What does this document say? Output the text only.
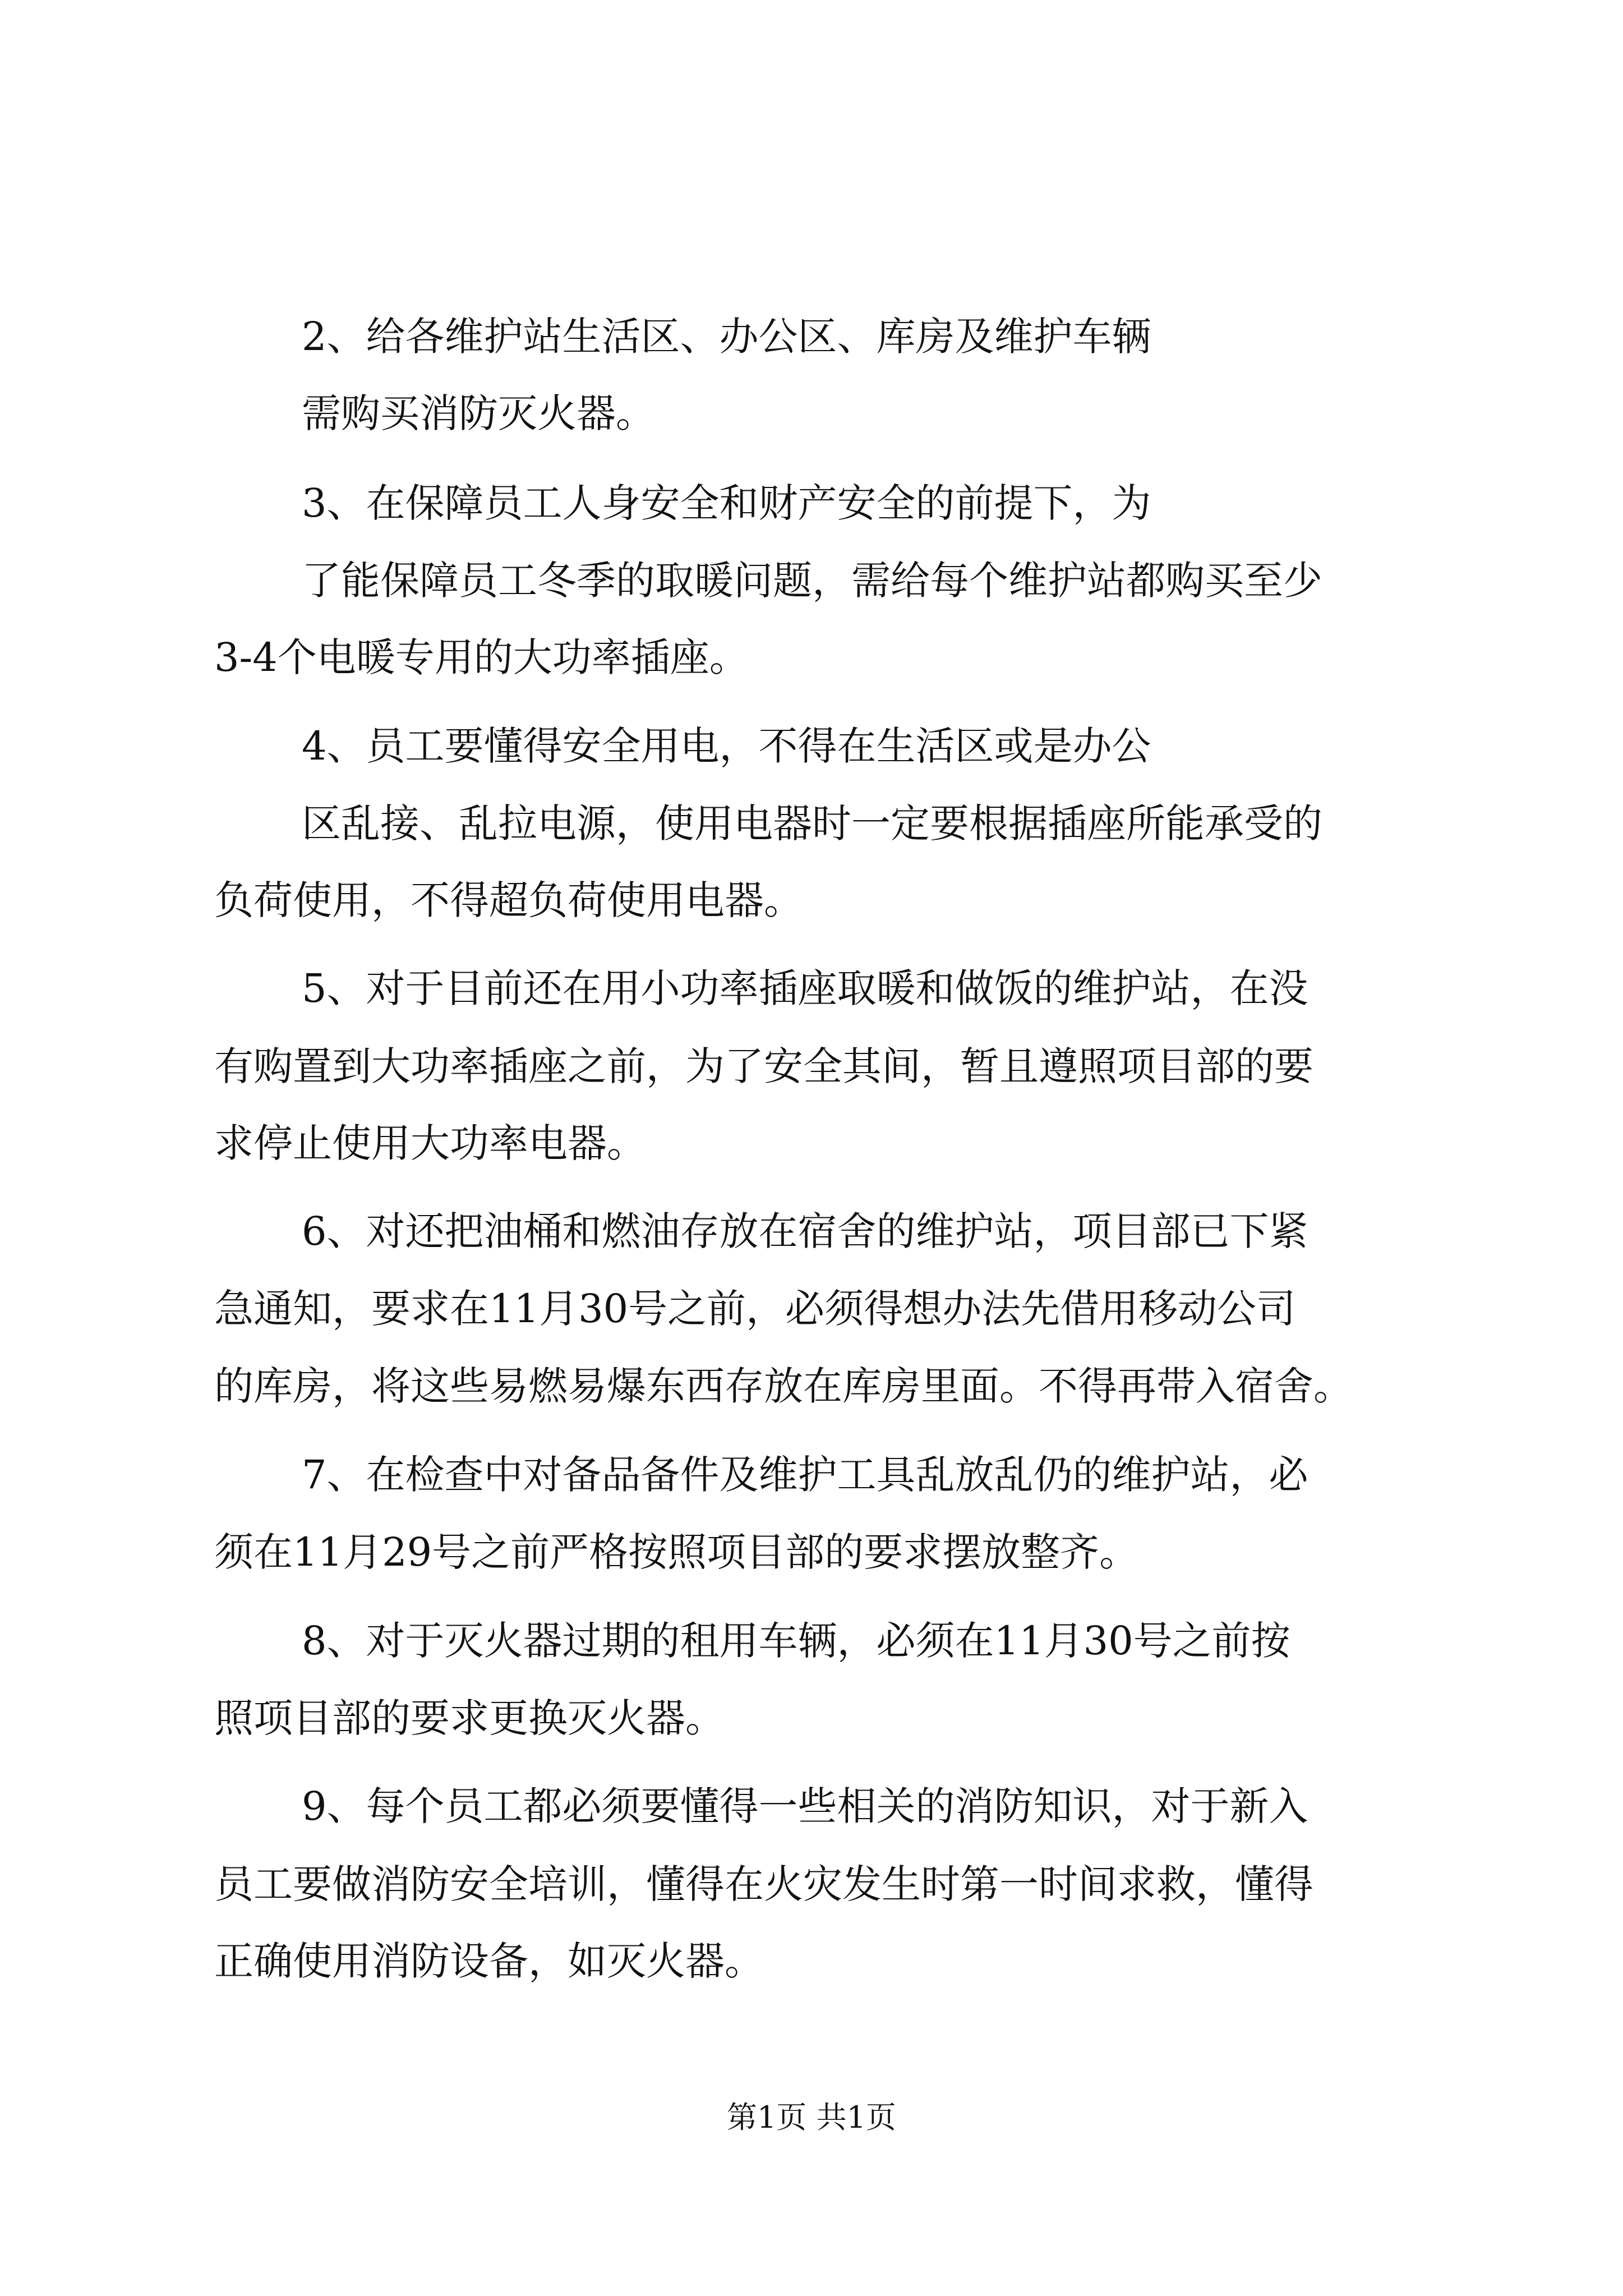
2、给各维护站生活区、办公区、库房及维护车辆
需购买消防灭火器。
3、在保障员工人身安全和财产安全的前提下，为
了能保障员工冬季的取暖问题，需给每个维护站都购买至少
3-4个电暖专用的大功率插座。
4、员工要懂得安全用电，不得在生活区或是办公
区乱接、乱拉电源，使用电器时一定要根据插座所能承受的
负荷使用，不得超负荷使用电器。
5、对于目前还在用小功率插座取暖和做饭的维护站，在没
有购置到大功率插座之前，为了安全其间，暂且遵照项目部的要
求停止使用大功率电器。
6、对还把油桶和燃油存放在宿舍的维护站，项目部已下紧
急通知，要求在11月30号之前，必须得想办法先借用移动公司
的库房，将这些易燃易爆东西存放在库房里面。不得再带入宿舍。
7、在检查中对备品备件及维护工具乱放乱仍的维护站，必
须在11月29号之前严格按照项目部的要求摆放整齐。
8、对于灭火器过期的租用车辆，必须在11月30号之前按
照项目部的要求更换灭火器。
9、每个员工都必须要懂得一些相关的消防知识，对于新入
员工要做消防安全培训，懂得在火灾发生时第一时间求救，懂得
正确使用消防设备，如灭火器。
第1页 共1页
